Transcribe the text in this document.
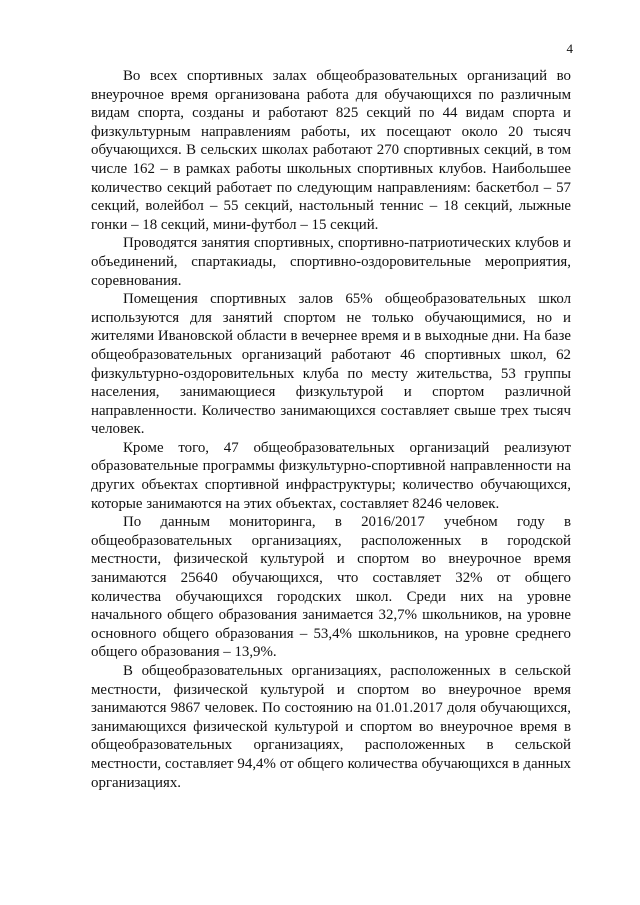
4

Во всех спортивных залах общеобразовательных организаций во внеурочное время организована работа для обучающихся по различным видам спорта, созданы и работают 825 секций по 44 видам спорта и физкультурным направлениям работы, их посещают около 20 тысяч обучающихся. В сельских школах работают 270 спортивных секций, в том числе 162 – в рамках работы школьных спортивных клубов. Наибольшее количество секций работает по следующим направлениям: баскетбол – 57 секций, волейбол – 55 секций, настольный теннис – 18 секций, лыжные гонки – 18 секций, мини-футбол – 15 секций.

Проводятся занятия спортивных, спортивно-патриотических клубов и объединений, спартакиады, спортивно-оздоровительные мероприятия, соревнования.

Помещения спортивных залов 65% общеобразовательных школ используются для занятий спортом не только обучающимися, но и жителями Ивановской области в вечернее время и в выходные дни. На базе общеобразовательных организаций работают 46 спортивных школ, 62 физкультурно-оздоровительных клуба по месту жительства, 53 группы населения, занимающиеся физкультурой и спортом различной направленности. Количество занимающихся составляет свыше трех тысяч человек.

Кроме того, 47 общеобразовательных организаций реализуют образовательные программы физкультурно-спортивной направленности на других объектах спортивной инфраструктуры; количество обучающихся, которые занимаются на этих объектах, составляет 8246 человек.

По данным мониторинга, в 2016/2017 учебном году в общеобразовательных организациях, расположенных в городской местности, физической культурой и спортом во внеурочное время занимаются 25640 обучающихся, что составляет 32% от общего количества обучающихся городских школ. Среди них на уровне начального общего образования занимается 32,7% школьников, на уровне основного общего образования – 53,4% школьников, на уровне среднего общего образования – 13,9%.

В общеобразовательных организациях, расположенных в сельской местности, физической культурой и спортом во внеурочное время занимаются 9867 человек. По состоянию на 01.01.2017 доля обучающихся, занимающихся физической культурой и спортом во внеурочное время в общеобразовательных организациях, расположенных в сельской местности, составляет 94,4% от общего количества обучающихся в данных организациях.
